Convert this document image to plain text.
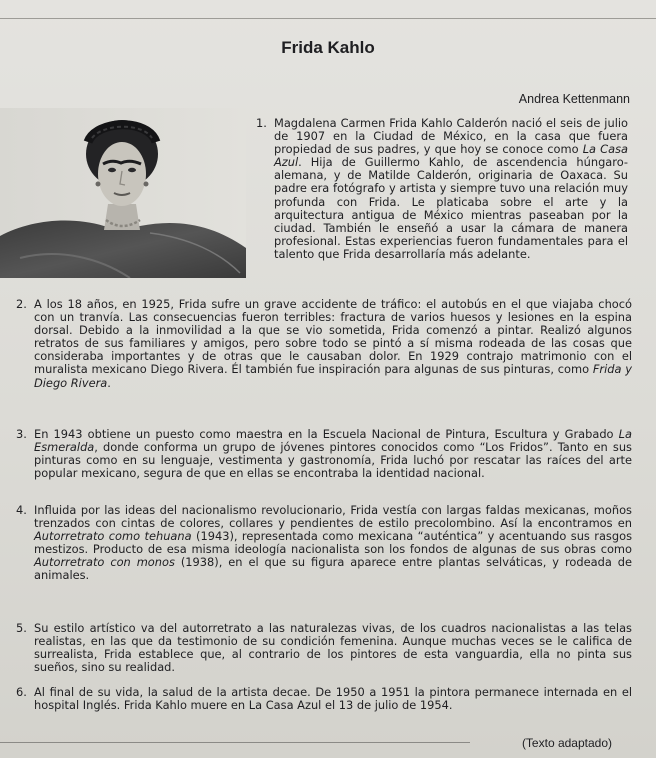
Frida Kahlo
Andrea Kettenmann

1. Magdalena Carmen Frida Kahlo Calderón nació el seis de julio de 1907 en la Ciudad de México, en la casa que fuera propiedad de sus padres, y que hoy se conoce como La Casa Azul. Hija de Guillermo Kahlo, de ascendencia húngaro-alemana, y de Matilde Calderón, originaria de Oaxaca. Su padre era fotógrafo y artista y siempre tuvo una relación muy profunda con Frida. Le platicaba sobre el arte y la arquitectura antigua de México mientras paseaban por la ciudad. También le enseñó a usar la cámara de manera profesional. Estas experiencias fueron fundamentales para el talento que Frida desarrollaría más adelante.

2. A los 18 años, en 1925, Frida sufre un grave accidente de tráfico: el autobús en el que viajaba chocó con un tranvía. Las consecuencias fueron terribles: fractura de varios huesos y lesiones en la espina dorsal. Debido a la inmovilidad a la que se vio sometida, Frida comenzó a pintar. Realizó algunos retratos de sus familiares y amigos, pero sobre todo se pintó a sí misma rodeada de las cosas que consideraba importantes y de otras que le causaban dolor. En 1929 contrajo matrimonio con el muralista mexicano Diego Rivera. Él también fue inspiración para algunas de sus pinturas, como Frida y Diego Rivera.

3. En 1943 obtiene un puesto como maestra en la Escuela Nacional de Pintura, Escultura y Grabado La Esmeralda, donde conforma un grupo de jóvenes pintores conocidos como “Los Fridos”. Tanto en sus pinturas como en su lenguaje, vestimenta y gastronomía, Frida luchó por rescatar las raíces del arte popular mexicano, segura de que en ellas se encontraba la identidad nacional.

4. Influida por las ideas del nacionalismo revolucionario, Frida vestía con largas faldas mexicanas, moños trenzados con cintas de colores, collares y pendientes de estilo precolombino. Así la encontramos en Autorretrato como tehuana (1943), representada como mexicana “auténtica” y acentuando sus rasgos mestizos. Producto de esa misma ideología nacionalista son los fondos de algunas de sus obras como Autorretrato con monos (1938), en el que su figura aparece entre plantas selváticas, y rodeada de animales.

5. Su estilo artístico va del autorretrato a las naturalezas vivas, de los cuadros nacionalistas a las telas realistas, en las que da testimonio de su condición femenina. Aunque muchas veces se le califica de surrealista, Frida establece que, al contrario de los pintores de esta vanguardia, ella no pinta sus sueños, sino su realidad.

6. Al final de su vida, la salud de la artista decae. De 1950 a 1951 la pintora permanece internada en el hospital Inglés. Frida Kahlo muere en La Casa Azul el 13 de julio de 1954.

(Texto adaptado)
